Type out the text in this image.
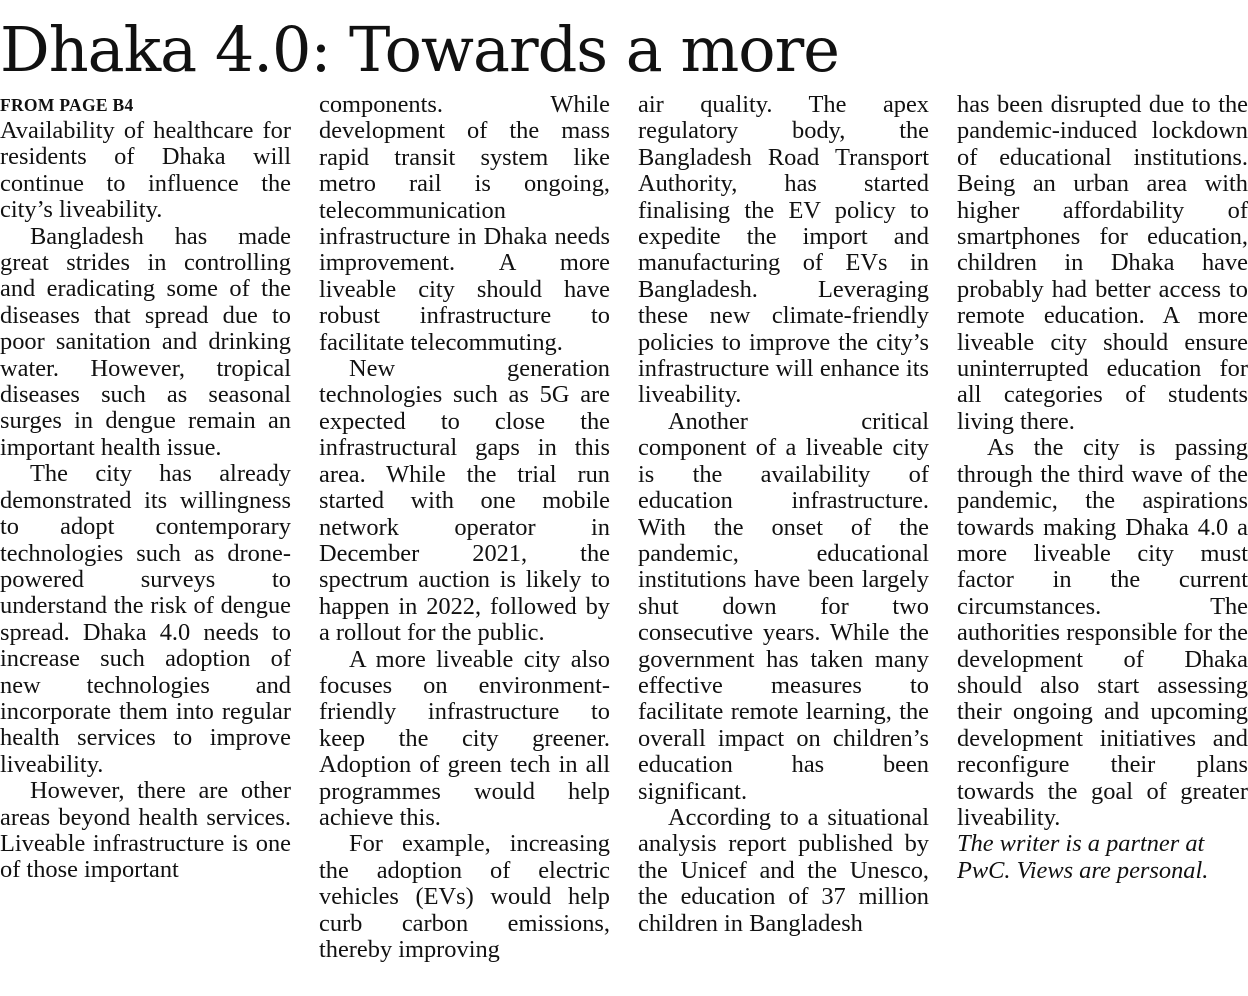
Dhaka 4.0: Towards a more
FROM PAGE B4

Availability of healthcare for residents of Dhaka will continue to influence the city’s liveability.

Bangladesh has made great strides in controlling and eradicating some of the diseases that spread due to poor sanitation and drinking water. However, tropical diseases such as seasonal surges in dengue remain an important health issue.

The city has already demonstrated its willingness to adopt contemporary technologies such as drone-powered surveys to understand the risk of dengue spread. Dhaka 4.0 needs to increase such adoption of new technologies and incorporate them into regular health services to improve liveability.

However, there are other areas beyond health services. Liveable infrastructure is one of those important

components. While development of the mass rapid transit system like metro rail is ongoing, telecommunication infrastructure in Dhaka needs improvement. A more liveable city should have robust infrastructure to facilitate telecommuting.

New generation technologies such as 5G are expected to close the infrastructural gaps in this area. While the trial run started with one mobile network operator in December 2021, the spectrum auction is likely to happen in 2022, followed by a rollout for the public.

A more liveable city also focuses on environment-friendly infrastructure to keep the city greener. Adoption of green tech in all programmes would help achieve this.

For example, increasing the adoption of electric vehicles (EVs) would help curb carbon emissions, thereby improving

air quality. The apex regulatory body, the Bangladesh Road Transport Authority, has started finalising the EV policy to expedite the import and manufacturing of EVs in Bangladesh. Leveraging these new climate-friendly policies to improve the city’s infrastructure will enhance its liveability.

Another critical component of a liveable city is the availability of education infrastructure. With the onset of the pandemic, educational institutions have been largely shut down for two consecutive years. While the government has taken many effective measures to facilitate remote learning, the overall impact on children’s education has been significant.

According to a situational analysis report published by the Unicef and the Unesco, the education of 37 million children in Bangladesh

has been disrupted due to the pandemic-induced lockdown of educational institutions. Being an urban area with higher affordability of smartphones for education, children in Dhaka have probably had better access to remote education. A more liveable city should ensure uninterrupted education for all categories of students living there.

As the city is passing through the third wave of the pandemic, the aspirations towards making Dhaka 4.0 a more liveable city must factor in the current circumstances. The authorities responsible for the development of Dhaka should also start assessing their ongoing and upcoming development initiatives and reconfigure their plans towards the goal of greater liveability.

The writer is a partner at PwC. Views are personal.
